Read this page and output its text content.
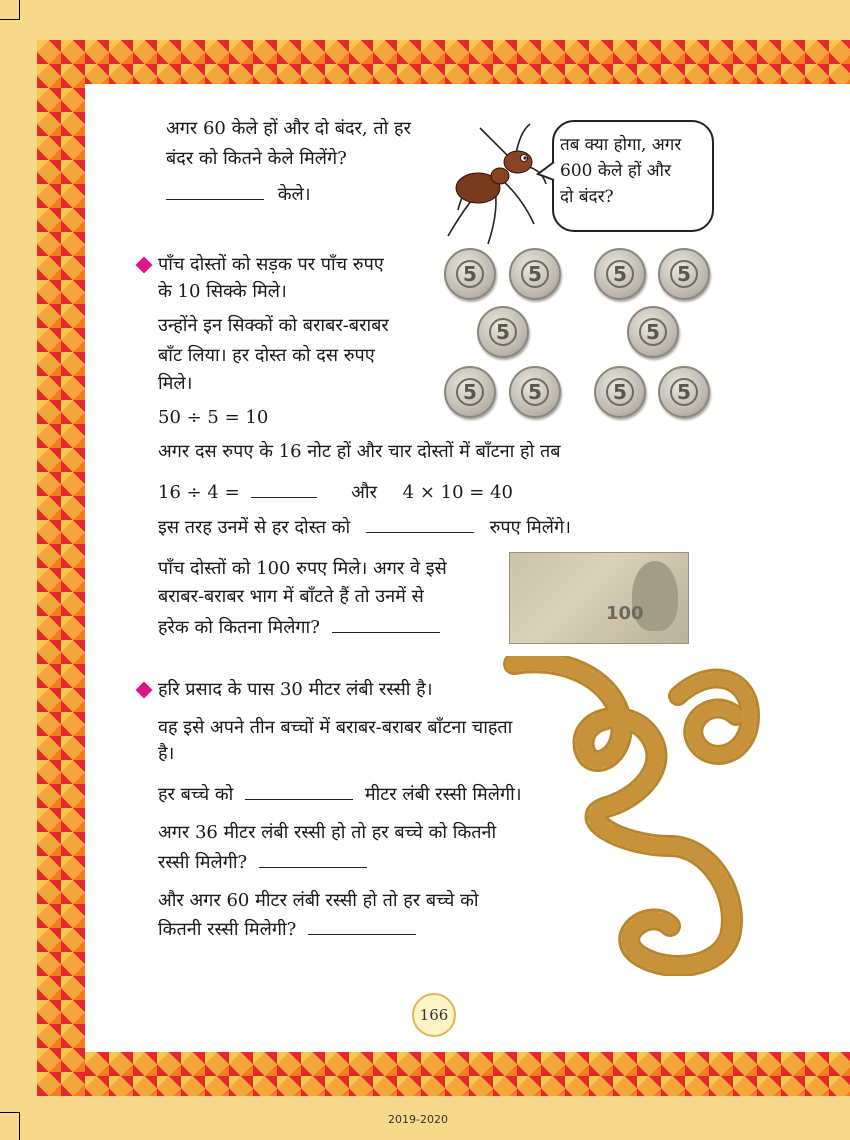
अगर 60 केले हों और दो बंदर, तो हर
बंदर को कितने केले मिलेंगे?
केले।
तब क्या होगा, अगर
600 केले हों और
दो बंदर?
पाँच दोस्तों को सड़क पर पाँच रुपए
के 10 सिक्के मिले।
उन्होंने इन सिक्कों को बराबर-बराबर
बाँट लिया। हर दोस्त को दस रुपए
मिले।
50 ÷ 5 = 10
5	5	5	5
5	5
5	5	5	5
अगर दस रुपए के 16 नोट हों और चार दोस्तों में बाँटना हो तब
16 ÷ 4 =	और 4 × 10 = 40
इस तरह उनमें से हर दोस्त को	रुपए मिलेंगे।
पाँच दोस्तों को 100 रुपए मिले। अगर वे इसे
बराबर-बराबर भाग में बाँटते हैं तो उनमें से
हरेक को कितना मिलेगा?
100
हरि प्रसाद के पास 30 मीटर लंबी रस्सी है।
वह इसे अपने तीन बच्चों में बराबर-बराबर बाँटना चाहता
है।
हर बच्चे को	मीटर लंबी रस्सी मिलेगी।
अगर 36 मीटर लंबी रस्सी हो तो हर बच्चे को कितनी
रस्सी मिलेगी?
और अगर 60 मीटर लंबी रस्सी हो तो हर बच्चे को
कितनी रस्सी मिलेगी?
166
2019-2020
